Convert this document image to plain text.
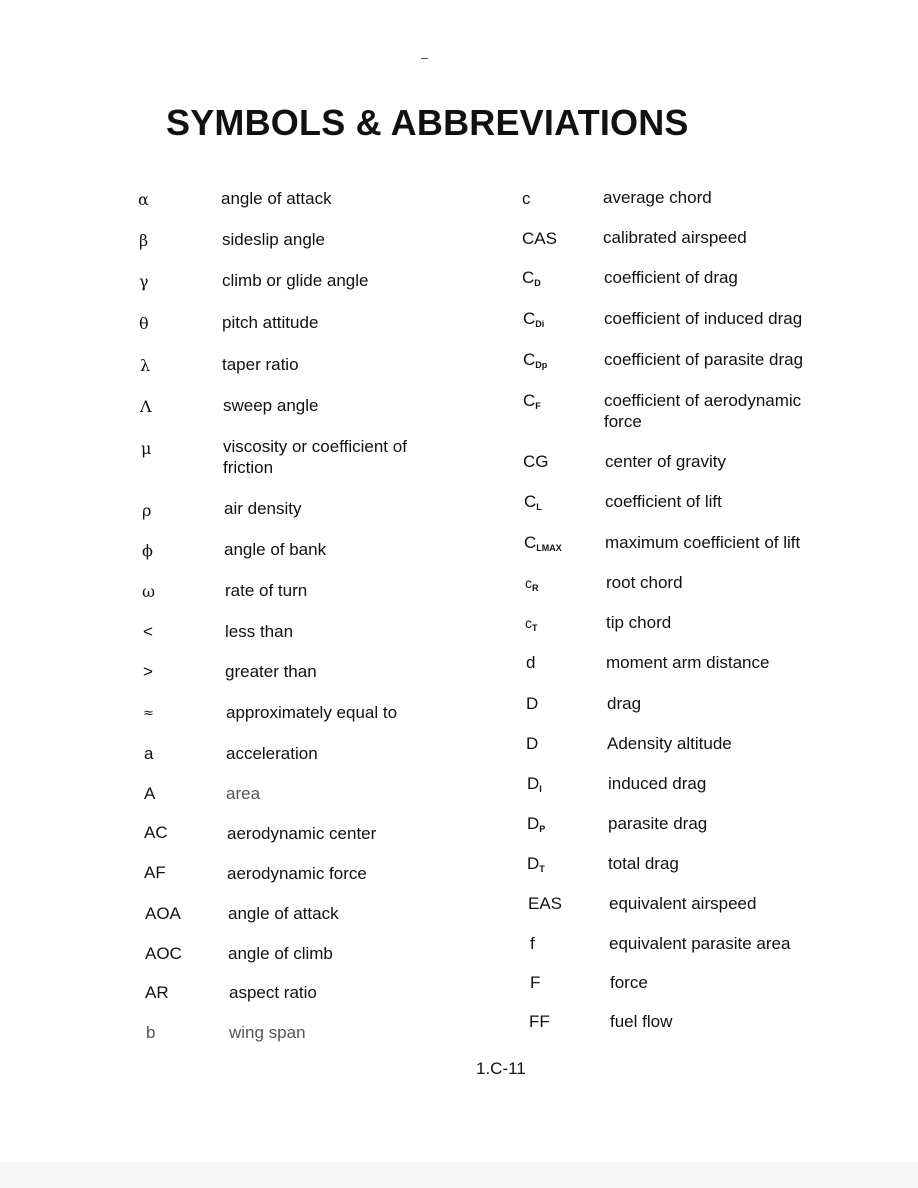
SYMBOLS & ABBREVIATIONS
α	angle of attack
β	sideslip angle
γ	climb or glide angle
θ	pitch attitude
λ	taper ratio
Λ	sweep angle
μ	viscosity or coefficient of friction
ρ	air density
ϕ	angle of bank
ω	rate of turn
<	less than
>	greater than
≈	approximately equal to
a	acceleration
A	area
AC	aerodynamic center
AF	aerodynamic force
AOA	angle of attack
AOC	angle of climb
AR	aspect ratio
b	wing span
c	average chord
CAS	calibrated airspeed
$C_D$	coefficient of drag
$C_{Di}$	coefficient of induced drag
$C_{Dp}$	coefficient of parasite drag
$C_F$	coefficient of aerodynamic force
CG	center of gravity
$C_L$	coefficient of lift
$C_{LMAX}$	maximum coefficient of lift
$c_R$	root chord
$c_T$	tip chord
d	moment arm distance
D	drag
D	Adensity altitude
$D_I$	induced drag
$D_P$	parasite drag
$D_T$	total drag
EAS	equivalent airspeed
f	equivalent parasite area
F	force
FF	fuel flow
1.C-11
